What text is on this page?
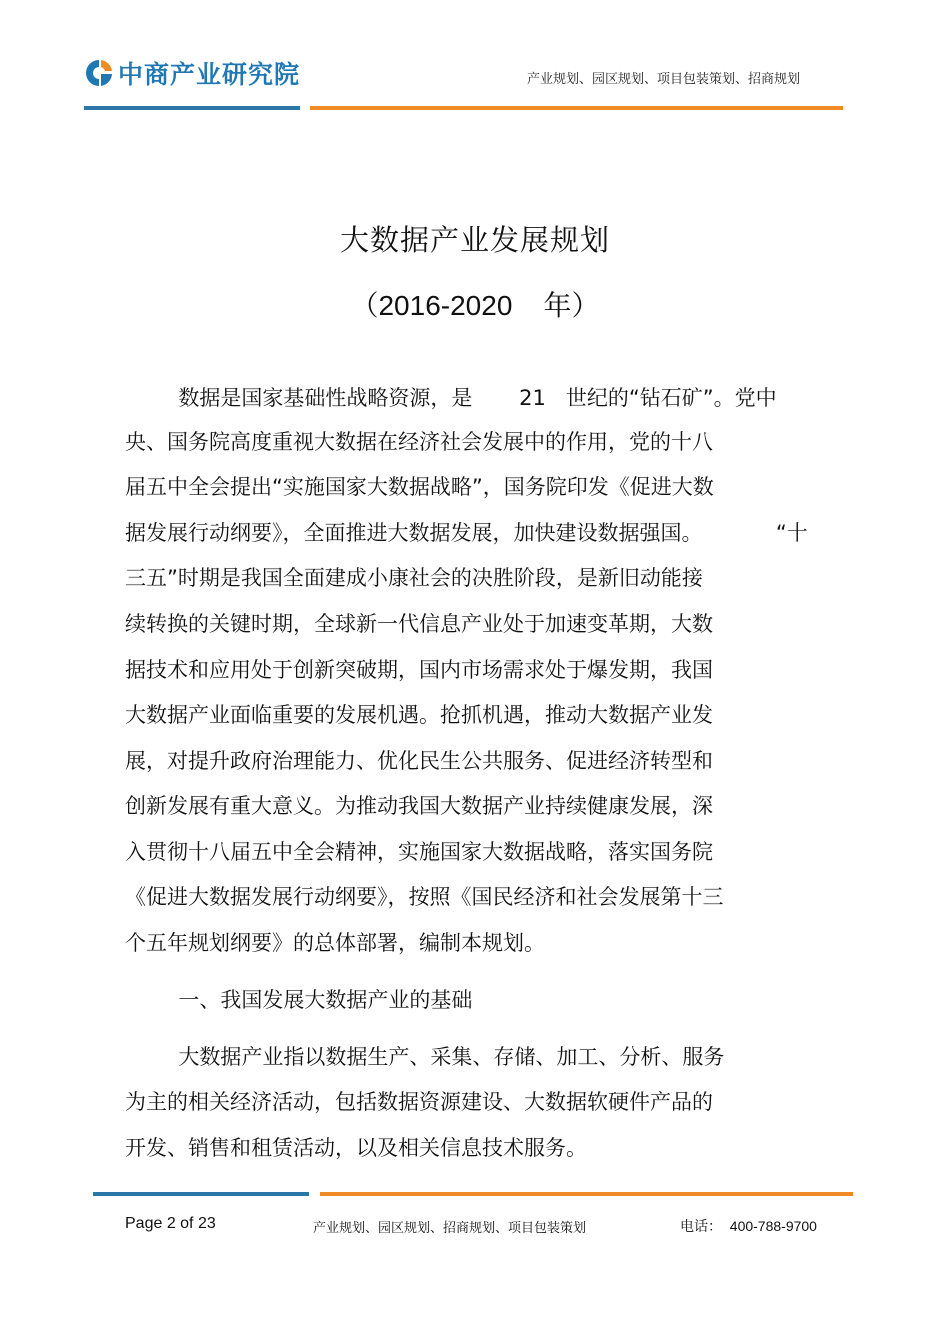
中商产业研究院	产业规划、园区规划、项目包装策划、招商规划
大数据产业发展规划
（2016-2020    年）
数据是国家基础性战略资源，是       21   世纪的“钻石矿”。党中
央、国务院高度重视大数据在经济社会发展中的作用，党的十八
届五中全会提出“实施国家大数据战略”，国务院印发《促进大数
据发展行动纲要》，全面推进大数据发展，加快建设数据强国。           “十
三五”时期是我国全面建成小康社会的决胜阶段，是新旧动能接
续转换的关键时期，全球新一代信息产业处于加速变革期，大数
据技术和应用处于创新突破期，国内市场需求处于爆发期，我国
大数据产业面临重要的发展机遇。抢抓机遇，推动大数据产业发
展，对提升政府治理能力、优化民生公共服务、促进经济转型和
创新发展有重大意义。为推动我国大数据产业持续健康发展，深
入贯彻十八届五中全会精神，实施国家大数据战略，落实国务院
《促进大数据发展行动纲要》，按照《国民经济和社会发展第十三
个五年规划纲要》的总体部署，编制本规划。
一、我国发展大数据产业的基础
大数据产业指以数据生产、采集、存储、加工、分析、服务
为主的相关经济活动，包括数据资源建设、大数据软硬件产品的
开发、销售和租赁活动，以及相关信息技术服务。
Page 2 of 23	产业规划、园区规划、招商规划、项目包装策划	电话：  400-788-9700
